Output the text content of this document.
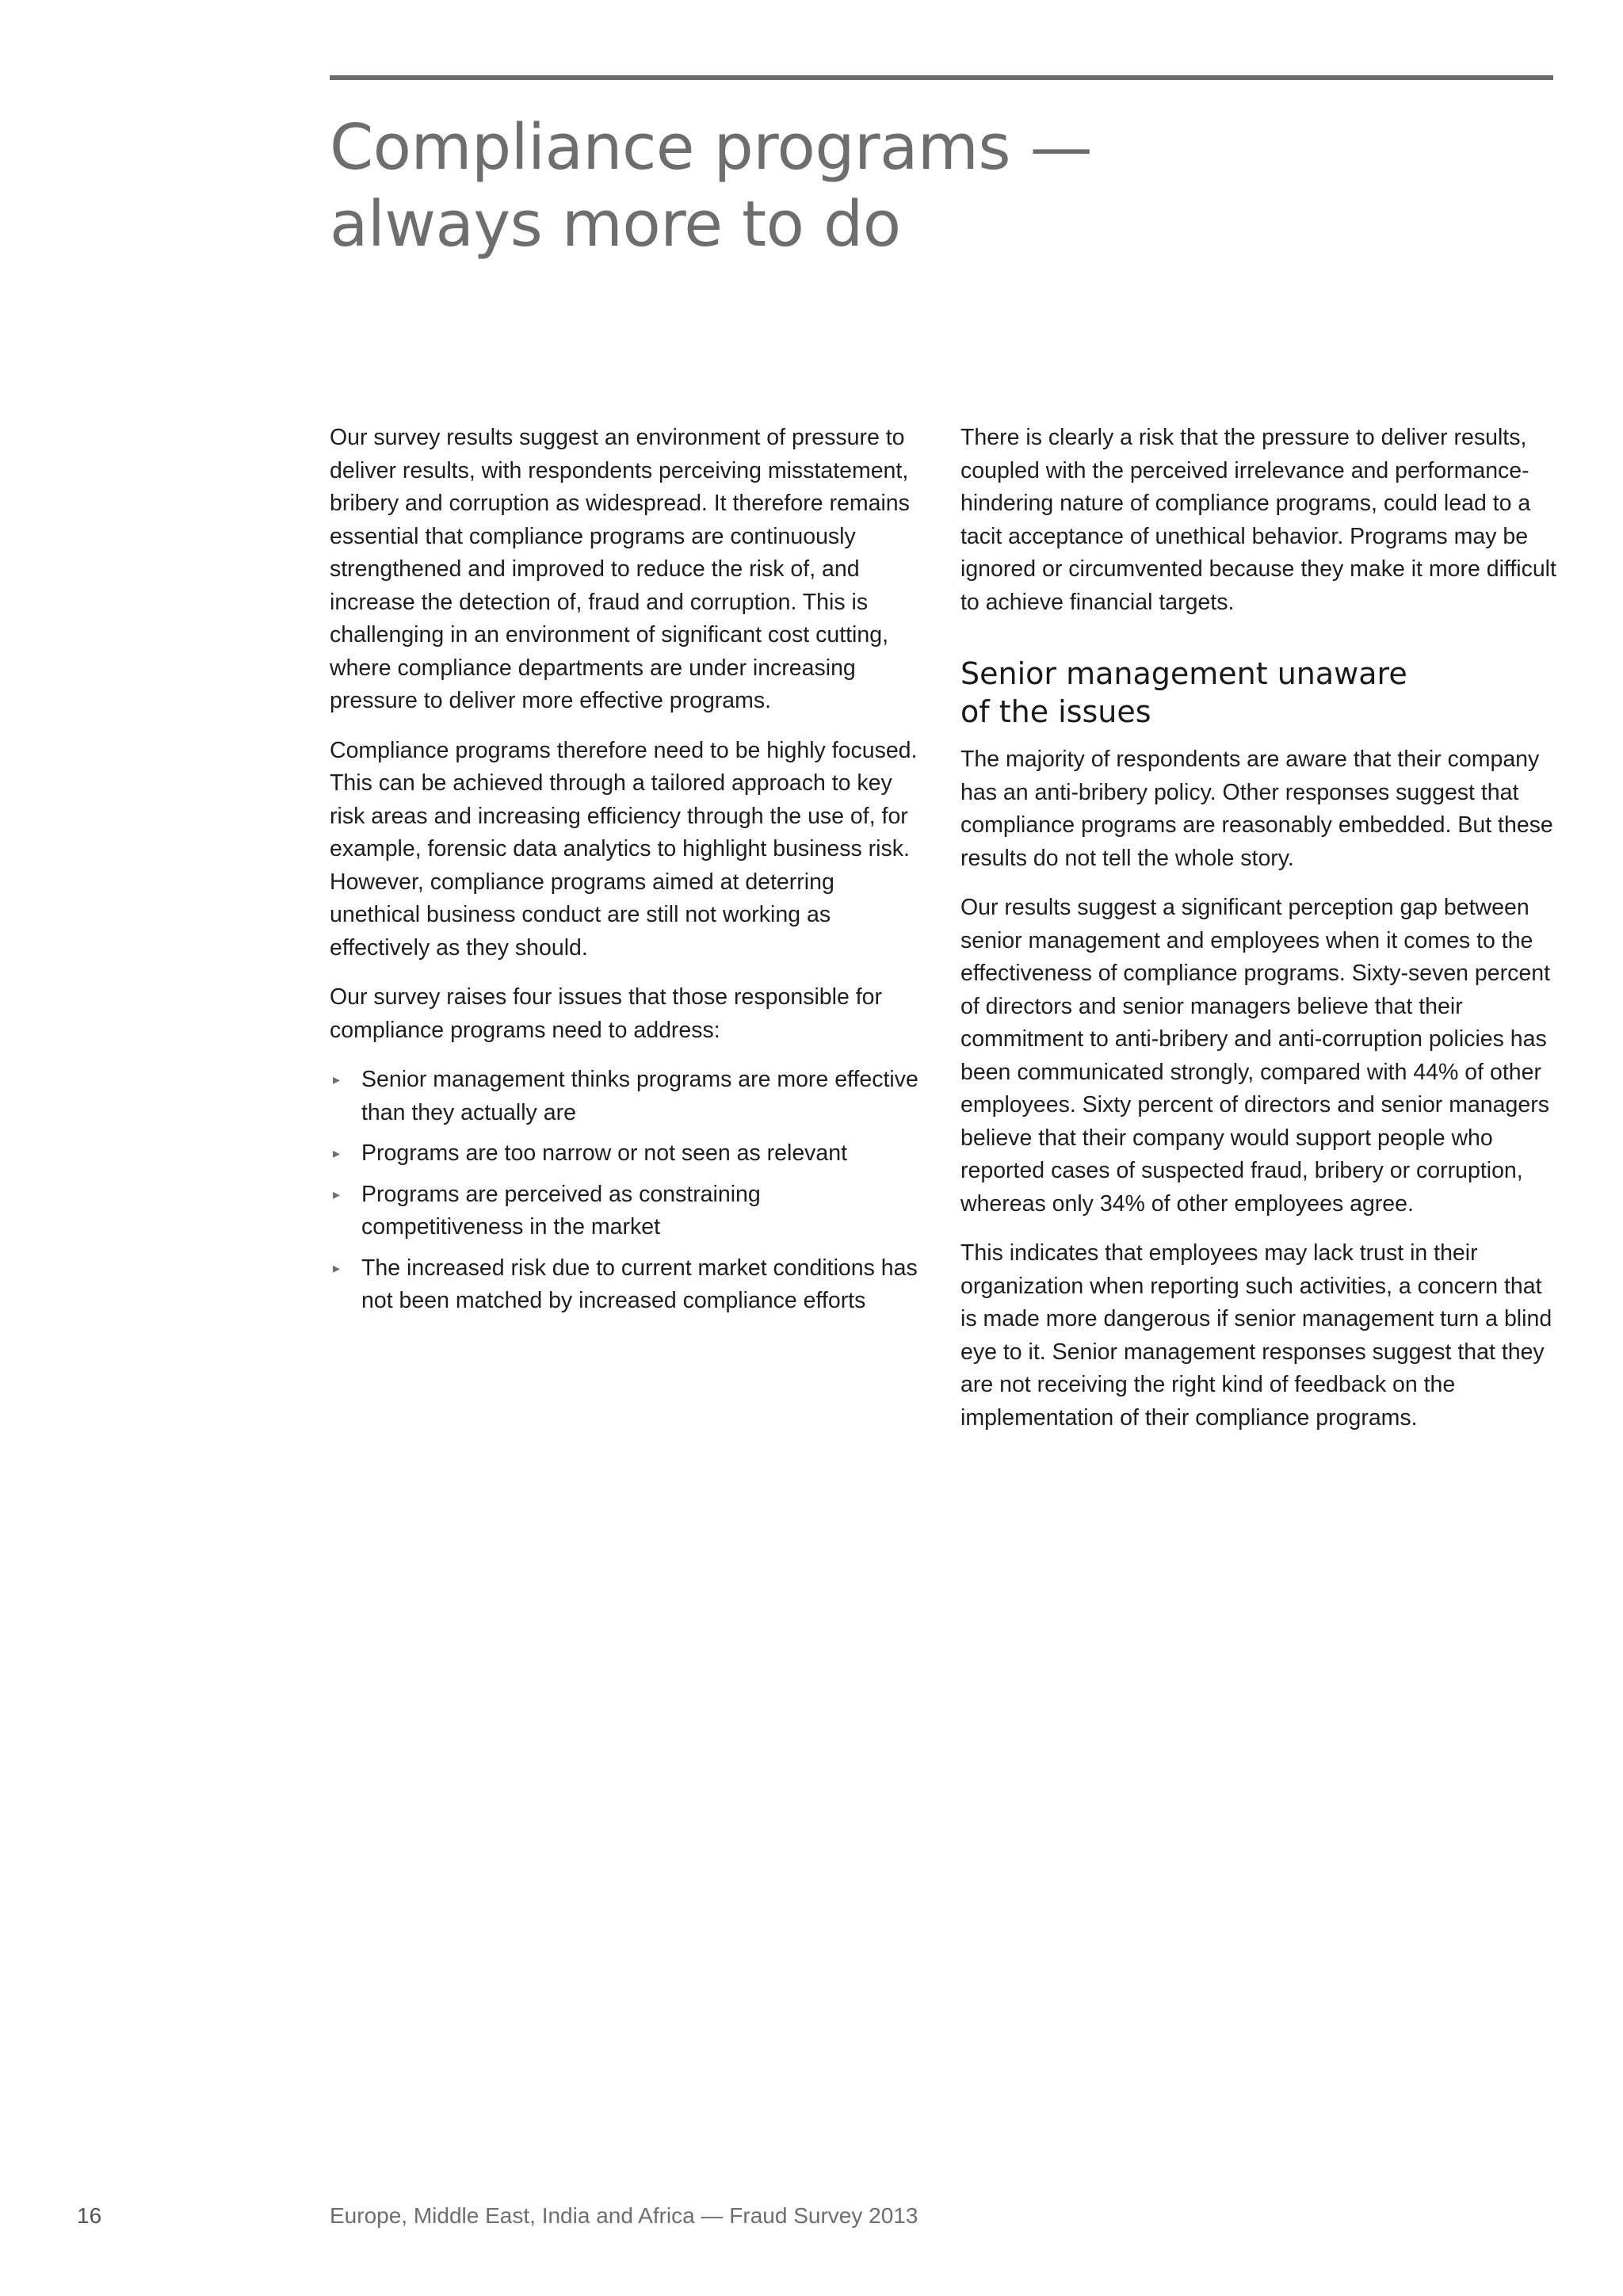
Compliance programs —
always more to do

Our survey results suggest an environment of pressure to deliver results, with respondents perceiving misstatement, bribery and corruption as widespread. It therefore remains essential that compliance programs are continuously strengthened and improved to reduce the risk of, and increase the detection of, fraud and corruption. This is challenging in an environment of significant cost cutting, where compliance departments are under increasing pressure to deliver more effective programs.

Compliance programs therefore need to be highly focused. This can be achieved through a tailored approach to key risk areas and increasing efficiency through the use of, for example, forensic data analytics to highlight business risk. However, compliance programs aimed at deterring unethical business conduct are still not working as effectively as they should.

Our survey raises four issues that those responsible for compliance programs need to address:

▸ Senior management thinks programs are more effective than they actually are
▸ Programs are too narrow or not seen as relevant
▸ Programs are perceived as constraining competitiveness in the market
▸ The increased risk due to current market conditions has not been matched by increased compliance efforts

There is clearly a risk that the pressure to deliver results, coupled with the perceived irrelevance and performance-hindering nature of compliance programs, could lead to a tacit acceptance of unethical behavior. Programs may be ignored or circumvented because they make it more difficult to achieve financial targets.

Senior management unaware
of the issues

The majority of respondents are aware that their company has an anti-bribery policy. Other responses suggest that compliance programs are reasonably embedded. But these results do not tell the whole story.

Our results suggest a significant perception gap between senior management and employees when it comes to the effectiveness of compliance programs. Sixty-seven percent of directors and senior managers believe that their commitment to anti-bribery and anti-corruption policies has been communicated strongly, compared with 44% of other employees. Sixty percent of directors and senior managers believe that their company would support people who reported cases of suspected fraud, bribery or corruption, whereas only 34% of other employees agree.

This indicates that employees may lack trust in their organization when reporting such activities, a concern that is made more dangerous if senior management turn a blind eye to it. Senior management responses suggest that they are not receiving the right kind of feedback on the implementation of their compliance programs.

16	Europe, Middle East, India and Africa — Fraud Survey 2013
